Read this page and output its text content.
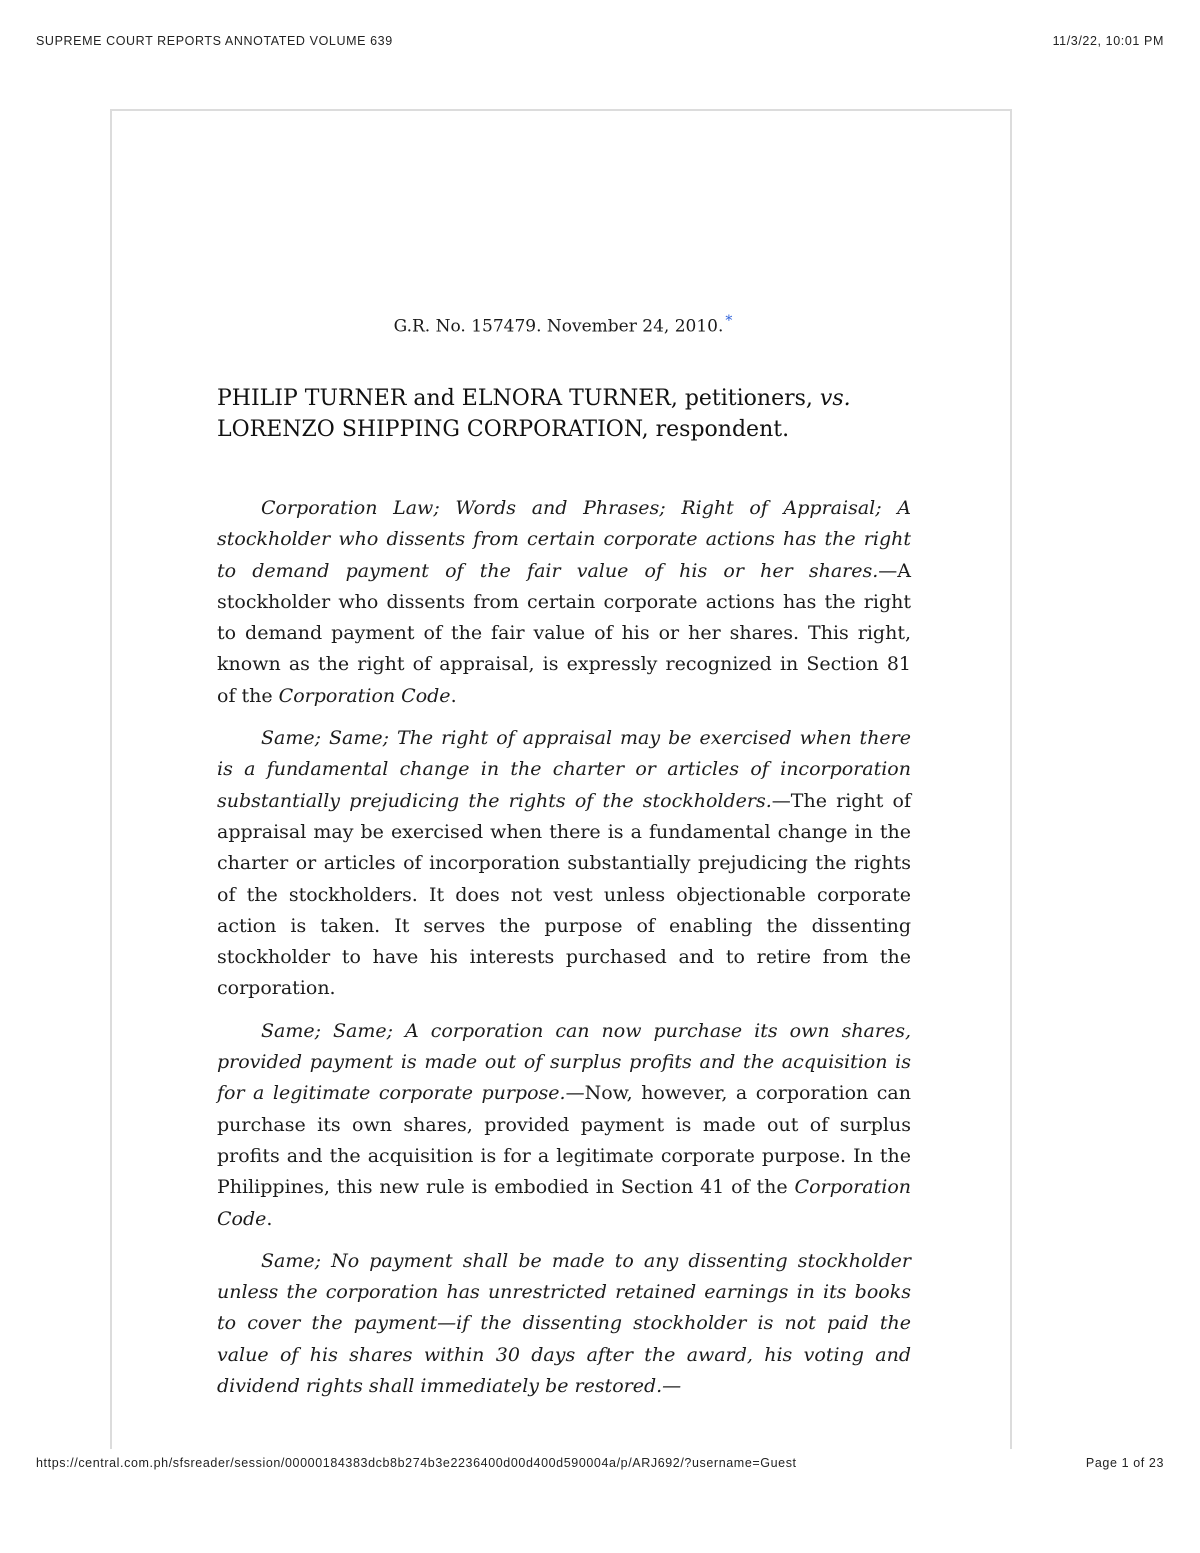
SUPREME COURT REPORTS ANNOTATED VOLUME 639	11/3/22, 10:01 PM
G.R. No. 157479. November 24, 2010. *
PHILIP TURNER and ELNORA TURNER, petitioners, vs.
LORENZO SHIPPING CORPORATION, respondent.

Corporation Law; Words and Phrases; Right of Appraisal; A stockholder who dissents from certain corporate actions has the right to demand payment of the fair value of his or her shares.—A stockholder who dissents from certain corporate actions has the right to demand payment of the fair value of his or her shares. This right, known as the right of appraisal, is expressly recognized in Section 81 of the Corporation Code.

Same; Same; The right of appraisal may be exercised when there is a fundamental change in the charter or articles of incorporation substantially prejudicing the rights of the stockholders.—The right of appraisal may be exercised when there is a fundamental change in the charter or articles of incorporation substantially prejudicing the rights of the stockholders. It does not vest unless objectionable corporate action is taken. It serves the purpose of enabling the dissenting stockholder to have his interests purchased and to retire from the corporation.

Same; Same; A corporation can now purchase its own shares, provided payment is made out of surplus profits and the acquisition is for a legitimate corporate purpose.—Now, however, a corporation can purchase its own shares, provided payment is made out of surplus profits and the acquisition is for a legitimate corporate purpose. In the Philippines, this new rule is embodied in Section 41 of the Corporation Code.

Same; No payment shall be made to any dissenting stockholder unless the corporation has unrestricted retained earnings in its books to cover the payment—if the dissenting stockholder is not paid the value of his shares within 30 days after the award, his voting and dividend rights shall immediately be restored.—

https://central.com.ph/sfsreader/session/00000184383dcb8b274b3e2236400d00d400d590004a/p/ARJ692/?username=Guest	Page 1 of 23
